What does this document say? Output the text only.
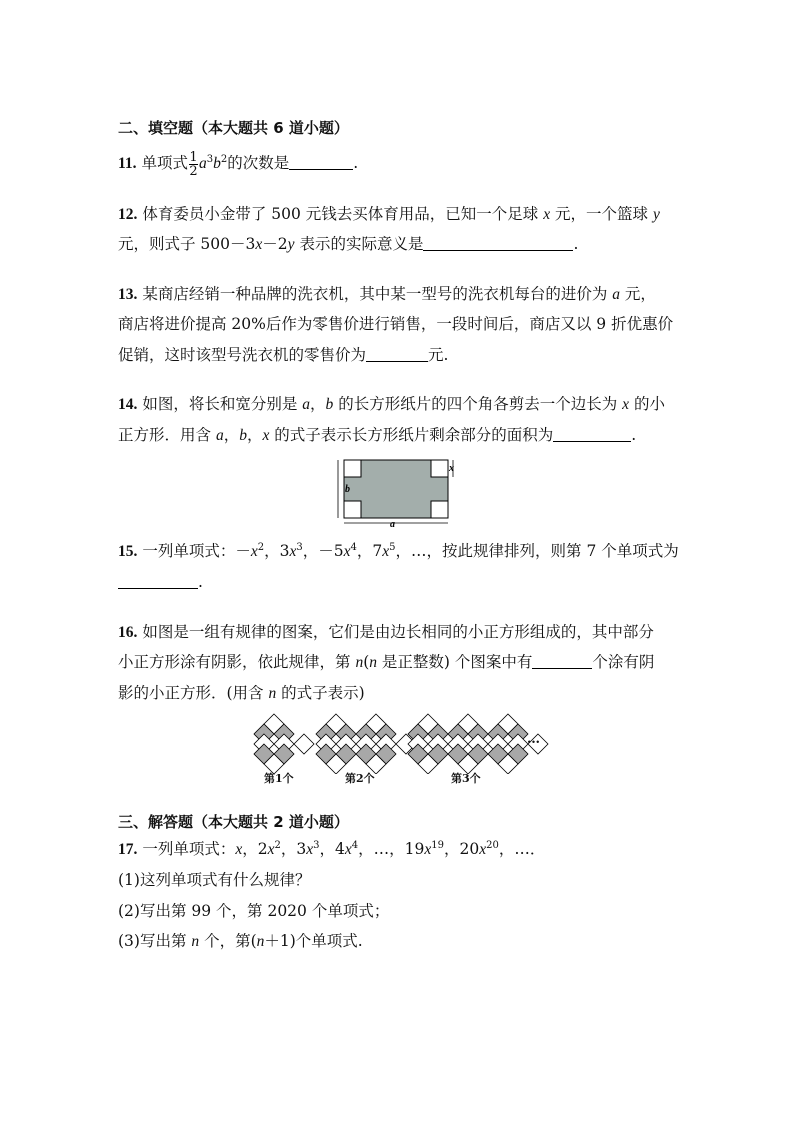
二、填空题（本大题共 6 道小题）
11. 单项式 $\frac{1}{2} a^3b^2$的次数是	.
12. 体育委员小金带了 500 元钱去买体育用品，已知一个足球 x 元，一个篮球 y
元，则式子 500－3x－2y 表示的实际意义是	.
13. 某商店经销一种品牌的洗衣机，其中某一型号的洗衣机每台的进价为 a 元，
商店将进价提高 20%后作为零售价进行销售，一段时间后，商店又以 9 折优惠价
促销，这时该型号洗衣机的零售价为	元.
14. 如图，将长和宽分别是 a，b 的长方形纸片的四个角各剪去一个边长为 x 的小
正方形．用含 a，b，x 的式子表示长方形纸片剩余部分的面积为	.
b
a
x
15. 一列单项式：$-x^2$，$3x^3$，$-5x^4$，$7x^5$，…，按此规律排列，则第 7 个单项式为
.
16. 如图是一组有规律的图案，它们是由边长相同的小正方形组成的，其中部分
小正方形涂有阴影，依此规律，第 n(n 是正整数) 个图案中有	个涂有阴
影的小正方形．(用含 n 的式子表示)
第1个	第2个	第3个
…
三、解答题（本大题共 2 道小题）
17. 一列单项式：x，$2x^2$，$3x^3$，$4x^4$，…，$19x^{19}$，$20x^{20}$，…．
(1)这列单项式有什么规律？
(2)写出第 99 个，第 2020 个单项式；
(3)写出第 n 个，第(n＋1)个单项式.
